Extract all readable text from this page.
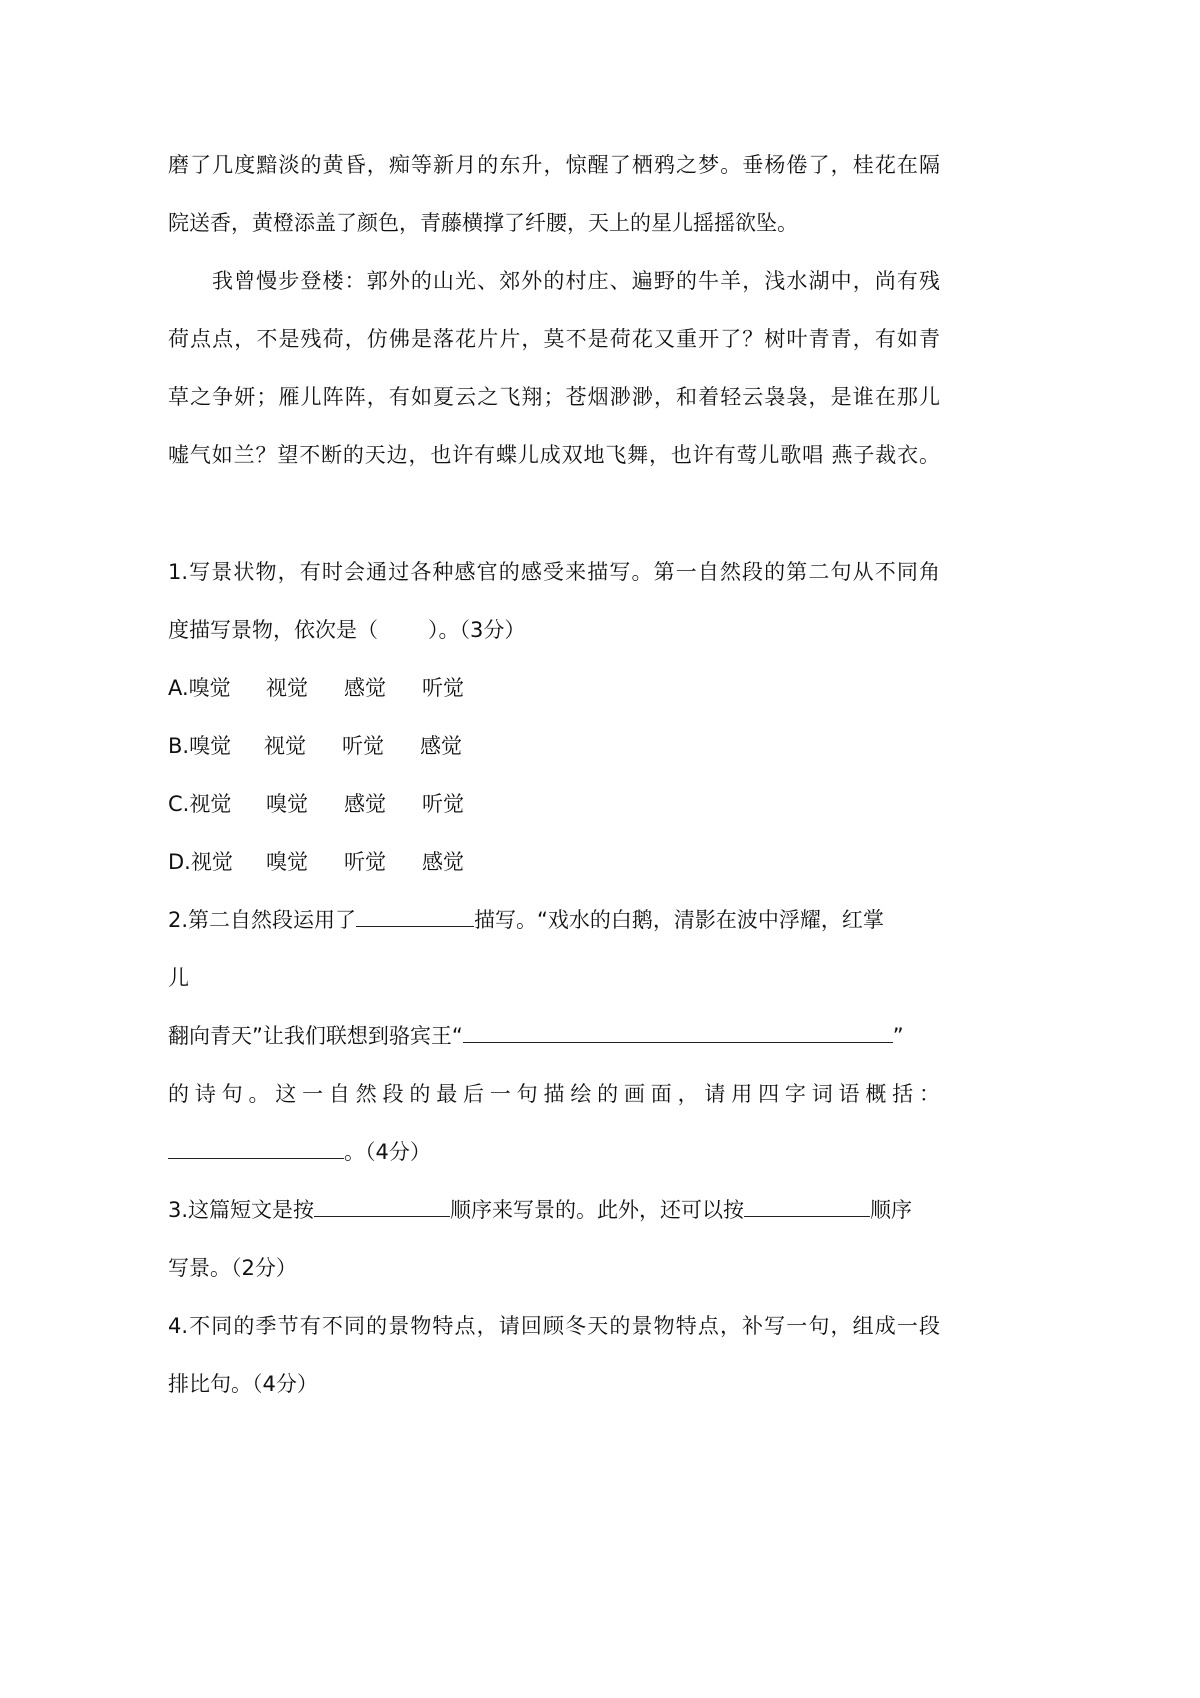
磨了几度黯淡的黄昏，痴等新月的东升，惊醒了栖鸦之梦。垂杨倦了，桂花在隔
院送香，黄橙添盖了颜色，青藤横撑了纤腰，天上的星儿摇摇欲坠。
我曾慢步登楼：郭外的山光、郊外的村庄、遍野的牛羊，浅水湖中，尚有残
荷点点，不是残荷，仿佛是落花片片，莫不是荷花又重开了？树叶青青，有如青
草之争妍；雁儿阵阵，有如夏云之飞翔；苍烟渺渺，和着轻云袅袅，是谁在那儿
嘘气如兰？望不断的天边，也许有蝶儿成双地飞舞，也许有莺儿歌唱 燕子裁衣。
1.写景状物，有时会通过各种感官的感受来描写。第一自然段的第二句从不同角
度描写景物，依次是（ ）。（3分）
A.嗅觉 视觉 感觉 听觉
B.嗅觉 视觉 听觉 感觉
C.视觉 嗅觉 感觉 听觉
D.视觉 嗅觉 听觉 感觉
2.第二自然段运用了	描写。“戏水的白鹅，清影在波中浮耀，红掌
儿
翻向青天”让我们联想到骆宾王“	”
的诗句。这一自然段的最后一句描绘的画面，请用四字词语概括：
。（4分）
3.这篇短文是按	顺序来写景的。此外，还可以按	顺序
写景。（2分）
4.不同的季节有不同的景物特点，请回顾冬天的景物特点，补写一句，组成一段
排比句。（4分）
